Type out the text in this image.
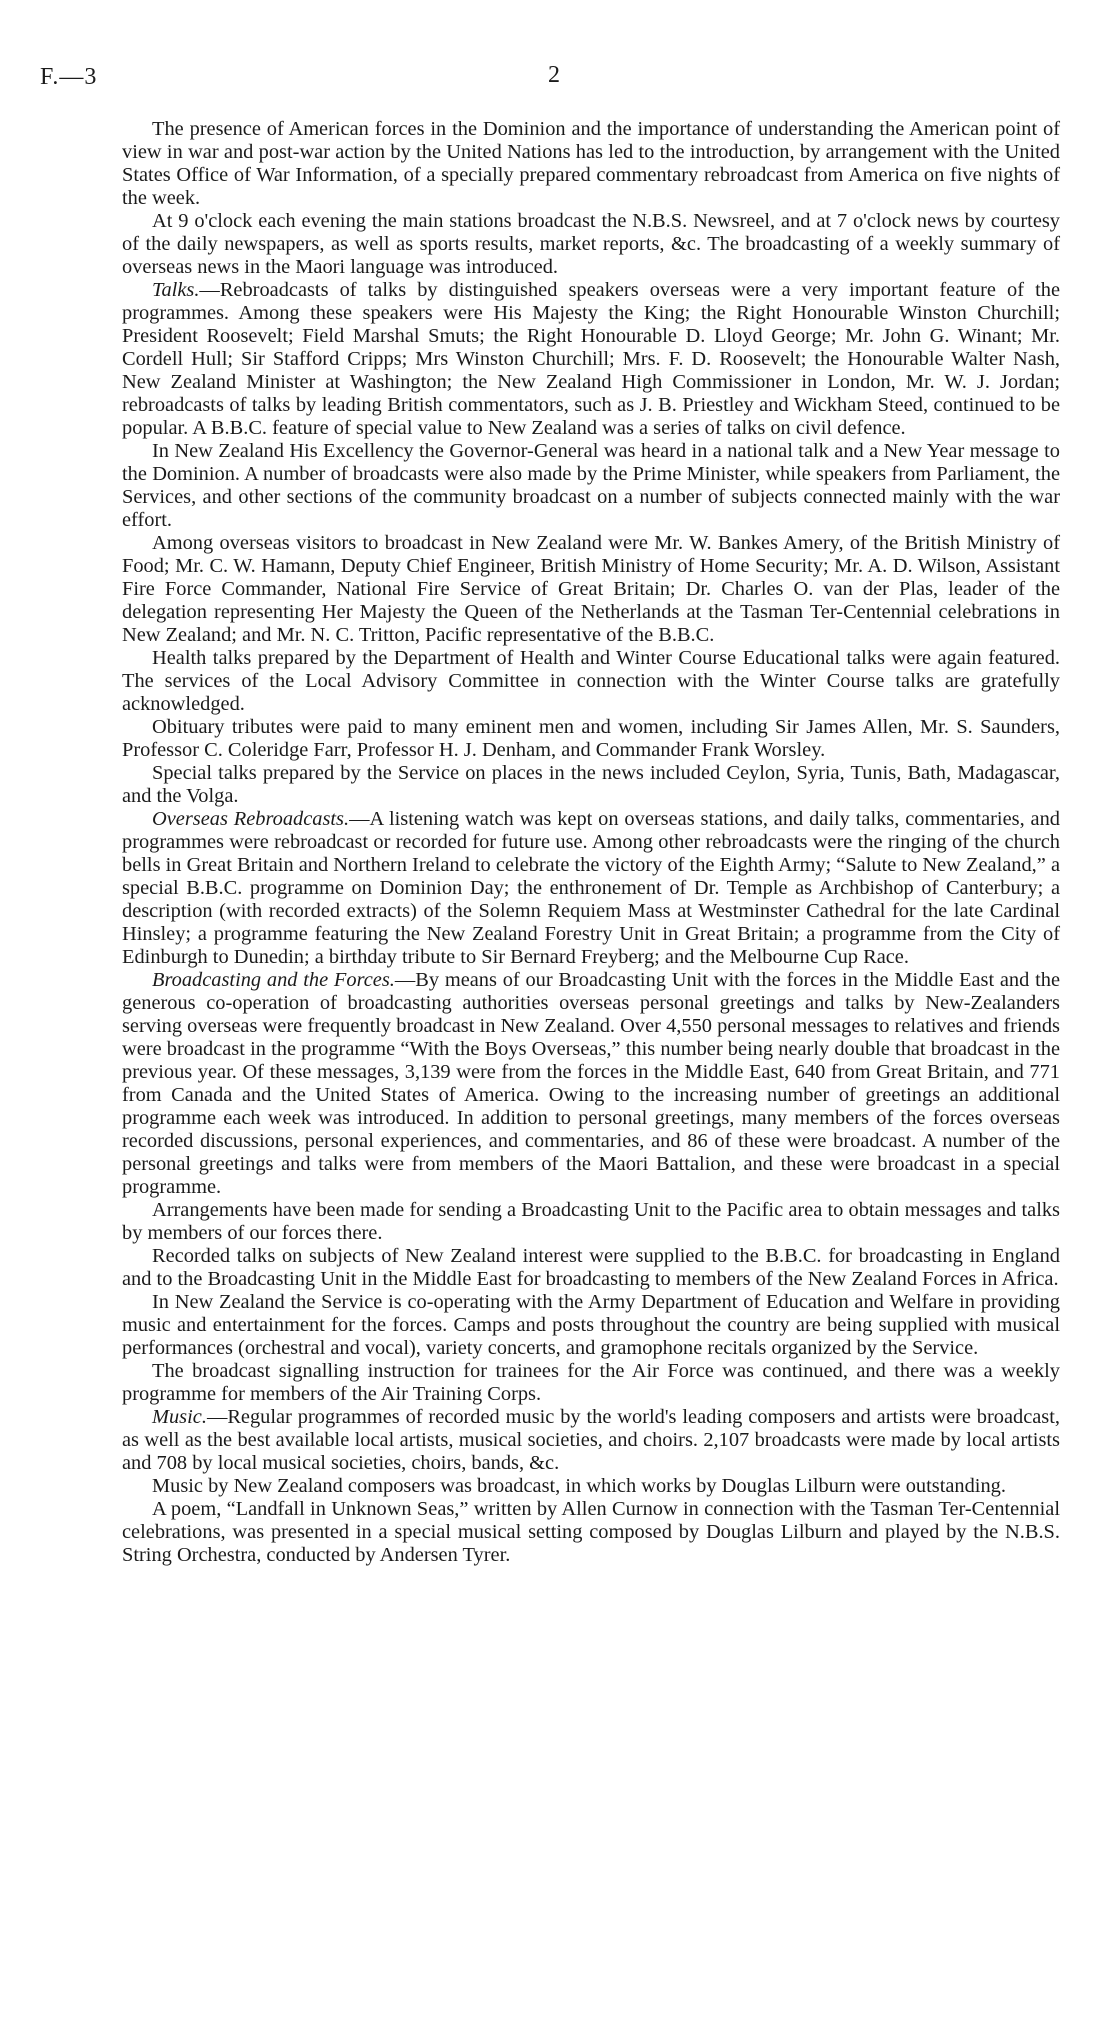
F.—3	2

The presence of American forces in the Dominion and the importance of understanding the American point of view in war and post-war action by the United Nations has led to the introduction, by arrangement with the United States Office of War Information, of a specially prepared commentary rebroadcast from America on five nights of the week.

At 9 o'clock each evening the main stations broadcast the N.B.S. Newsreel, and at 7 o'clock news by courtesy of the daily newspapers, as well as sports results, market reports, &c. The broadcasting of a weekly summary of overseas news in the Maori language was introduced.

Talks.—Rebroadcasts of talks by distinguished speakers overseas were a very important feature of the programmes. Among these speakers were His Majesty the King; the Right Honourable Winston Churchill; President Roosevelt; Field Marshal Smuts; the Right Honourable D. Lloyd George; Mr. John G. Winant; Mr. Cordell Hull; Sir Stafford Cripps; Mrs Winston Churchill; Mrs. F. D. Roosevelt; the Honourable Walter Nash, New Zealand Minister at Washington; the New Zealand High Commissioner in London, Mr. W. J. Jordan; rebroadcasts of talks by leading British commentators, such as J. B. Priestley and Wickham Steed, continued to be popular. A B.B.C. feature of special value to New Zealand was a series of talks on civil defence.

In New Zealand His Excellency the Governor-General was heard in a national talk and a New Year message to the Dominion. A number of broadcasts were also made by the Prime Minister, while speakers from Parliament, the Services, and other sections of the community broadcast on a number of subjects connected mainly with the war effort.

Among overseas visitors to broadcast in New Zealand were Mr. W. Bankes Amery, of the British Ministry of Food; Mr. C. W. Hamann, Deputy Chief Engineer, British Ministry of Home Security; Mr. A. D. Wilson, Assistant Fire Force Commander, National Fire Service of Great Britain; Dr. Charles O. van der Plas, leader of the delegation representing Her Majesty the Queen of the Netherlands at the Tasman Ter-Centennial celebrations in New Zealand; and Mr. N. C. Tritton, Pacific representative of the B.B.C.

Health talks prepared by the Department of Health and Winter Course Educational talks were again featured. The services of the Local Advisory Committee in connection with the Winter Course talks are gratefully acknowledged.

Obituary tributes were paid to many eminent men and women, including Sir James Allen, Mr. S. Saunders, Professor C. Coleridge Farr, Professor H. J. Denham, and Commander Frank Worsley.

Special talks prepared by the Service on places in the news included Ceylon, Syria, Tunis, Bath, Madagascar, and the Volga.

Overseas Rebroadcasts.—A listening watch was kept on overseas stations, and daily talks, commentaries, and programmes were rebroadcast or recorded for future use. Among other rebroadcasts were the ringing of the church bells in Great Britain and Northern Ireland to celebrate the victory of the Eighth Army; “Salute to New Zealand,” a special B.B.C. programme on Dominion Day; the enthronement of Dr. Temple as Archbishop of Canterbury; a description (with recorded extracts) of the Solemn Requiem Mass at Westminster Cathedral for the late Cardinal Hinsley; a programme featuring the New Zealand Forestry Unit in Great Britain; a programme from the City of Edinburgh to Dunedin; a birthday tribute to Sir Bernard Freyberg; and the Melbourne Cup Race.

Broadcasting and the Forces.—By means of our Broadcasting Unit with the forces in the Middle East and the generous co-operation of broadcasting authorities overseas personal greetings and talks by New-Zealanders serving overseas were frequently broadcast in New Zealand. Over 4,550 personal messages to relatives and friends were broadcast in the programme “With the Boys Overseas,” this number being nearly double that broadcast in the previous year. Of these messages, 3,139 were from the forces in the Middle East, 640 from Great Britain, and 771 from Canada and the United States of America. Owing to the increasing number of greetings an additional programme each week was introduced. In addition to personal greetings, many members of the forces overseas recorded discussions, personal experiences, and commentaries, and 86 of these were broadcast. A number of the personal greetings and talks were from members of the Maori Battalion, and these were broadcast in a special programme.

Arrangements have been made for sending a Broadcasting Unit to the Pacific area to obtain messages and talks by members of our forces there.

Recorded talks on subjects of New Zealand interest were supplied to the B.B.C. for broadcasting in England and to the Broadcasting Unit in the Middle East for broadcasting to members of the New Zealand Forces in Africa.

In New Zealand the Service is co-operating with the Army Department of Education and Welfare in providing music and entertainment for the forces. Camps and posts throughout the country are being supplied with musical performances (orchestral and vocal), variety concerts, and gramophone recitals organized by the Service.

The broadcast signalling instruction for trainees for the Air Force was continued, and there was a weekly programme for members of the Air Training Corps.

Music.—Regular programmes of recorded music by the world's leading composers and artists were broadcast, as well as the best available local artists, musical societies, and choirs. 2,107 broadcasts were made by local artists and 708 by local musical societies, choirs, bands, &c.

Music by New Zealand composers was broadcast, in which works by Douglas Lilburn were outstanding.

A poem, “Landfall in Unknown Seas,” written by Allen Curnow in connection with the Tasman Ter-Centennial celebrations, was presented in a special musical setting composed by Douglas Lilburn and played by the N.B.S. String Orchestra, conducted by Andersen Tyrer.
